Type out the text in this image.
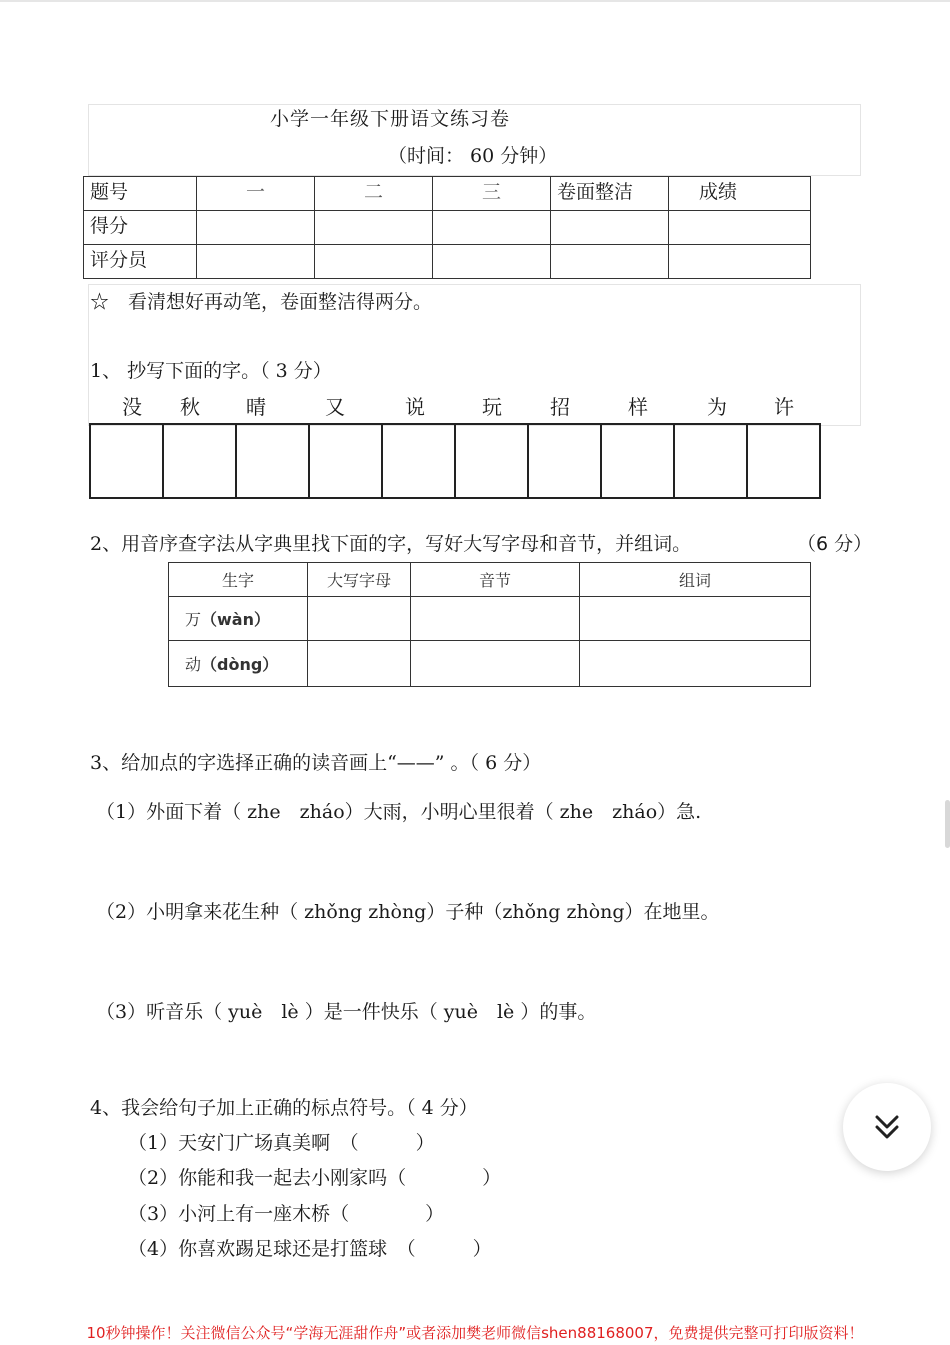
小学一年级下册语文练习卷
（时间： 60 分钟）
题号	一	二	三	卷面整洁	成绩
得分					
评分员					
☆　看清想好再动笔，卷面整洁得两分。
1、 抄写下面的字。（ 3 分）
没 秋 晴	又	说	玩 招	样	为 许
2、用音序查字法从字典里找下面的字，写好大写字母和音节，并组词。	（6 分）
生字	大写字母	音节	组词
万（wàn）			
动（dòng）			
3、给加点的字选择正确的读音画上“——” 。（ 6 分）
（1）外面下着（ zhe　zháo）大雨，小明心里很着（ zhe　zháo）急.
（2）小明拿来花生种（ zhǒng zhòng）子种（zhǒng zhòng）在地里。
（3）听音乐（ yuè　lè ）是一件快乐（ yuè　lè ）的事。
4、我会给句子加上正确的标点符号。（ 4 分）
（1）天安门广场真美啊　（　　　）
（2）你能和我一起去小刚家吗（　　　　）
（3）小河上有一座木桥（　　　　）
（4）你喜欢踢足球还是打篮球　（　　　）
10秒钟操作！关注微信公众号“学海无涯甜作舟”或者添加樊老师微信shen88168007，免费提供完整可打印版资料！
